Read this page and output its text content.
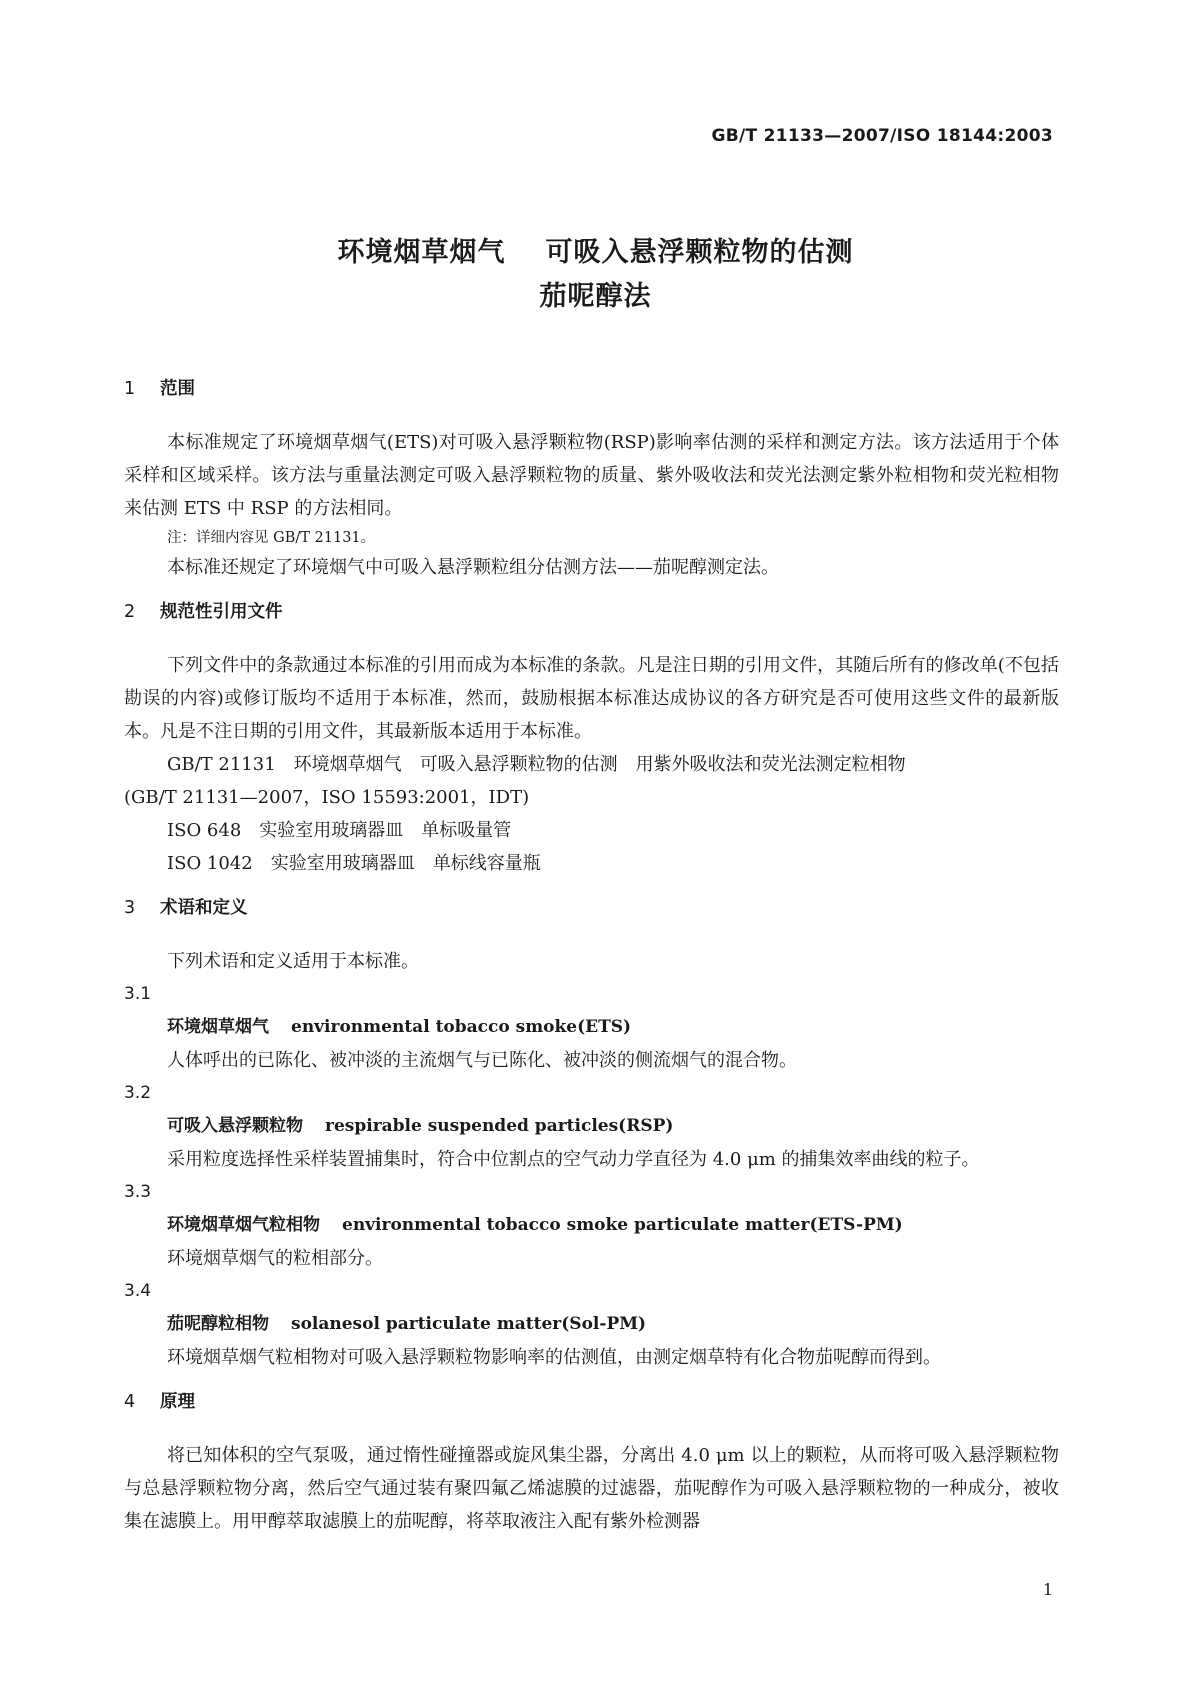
GB/T 21133—2007/ISO 18144:2003
环境烟草烟气 可吸入悬浮颗粒物的估测
茄呢醇法
1 范围

本标准规定了环境烟草烟气(ETS)对可吸入悬浮颗粒物(RSP)影响率估测的采样和测定方法。该方法适用于个体采样和区域采样。该方法与重量法测定可吸入悬浮颗粒物的质量、紫外吸收法和荧光法测定紫外粒相物和荧光粒相物来估测 ETS 中 RSP 的方法相同。

注：详细内容见 GB/T 21131。

本标准还规定了环境烟气中可吸入悬浮颗粒组分估测方法——茄呢醇测定法。

2 规范性引用文件

下列文件中的条款通过本标准的引用而成为本标准的条款。凡是注日期的引用文件，其随后所有的修改单(不包括勘误的内容)或修订版均不适用于本标准，然而，鼓励根据本标准达成协议的各方研究是否可使用这些文件的最新版本。凡是不注日期的引用文件，其最新版本适用于本标准。

GB/T 21131　环境烟草烟气　可吸入悬浮颗粒物的估测　用紫外吸收法和荧光法测定粒相物

(GB/T 21131—2007，ISO 15593:2001，IDT)

ISO 648　实验室用玻璃器皿　单标吸量管

ISO 1042　实验室用玻璃器皿　单标线容量瓶

3 术语和定义

下列术语和定义适用于本标准。

3.1
环境烟草烟气 environmental tobacco smoke(ETS)

人体呼出的已陈化、被冲淡的主流烟气与已陈化、被冲淡的侧流烟气的混合物。

3.2
可吸入悬浮颗粒物 respirable suspended particles(RSP)

采用粒度选择性采样装置捕集时，符合中位割点的空气动力学直径为 4.0 μm 的捕集效率曲线的粒子。

3.3
环境烟草烟气粒相物 environmental tobacco smoke particulate matter(ETS-PM)

环境烟草烟气的粒相部分。

3.4
茄呢醇粒相物 solanesol particulate matter(Sol-PM)

环境烟草烟气粒相物对可吸入悬浮颗粒物影响率的估测值，由测定烟草特有化合物茄呢醇而得到。

4 原理

将已知体积的空气泵吸，通过惰性碰撞器或旋风集尘器，分离出 4.0 μm 以上的颗粒，从而将可吸入悬浮颗粒物与总悬浮颗粒物分离，然后空气通过装有聚四氟乙烯滤膜的过滤器，茄呢醇作为可吸入悬浮颗粒物的一种成分，被收集在滤膜上。用甲醇萃取滤膜上的茄呢醇，将萃取液注入配有紫外检测器

1
